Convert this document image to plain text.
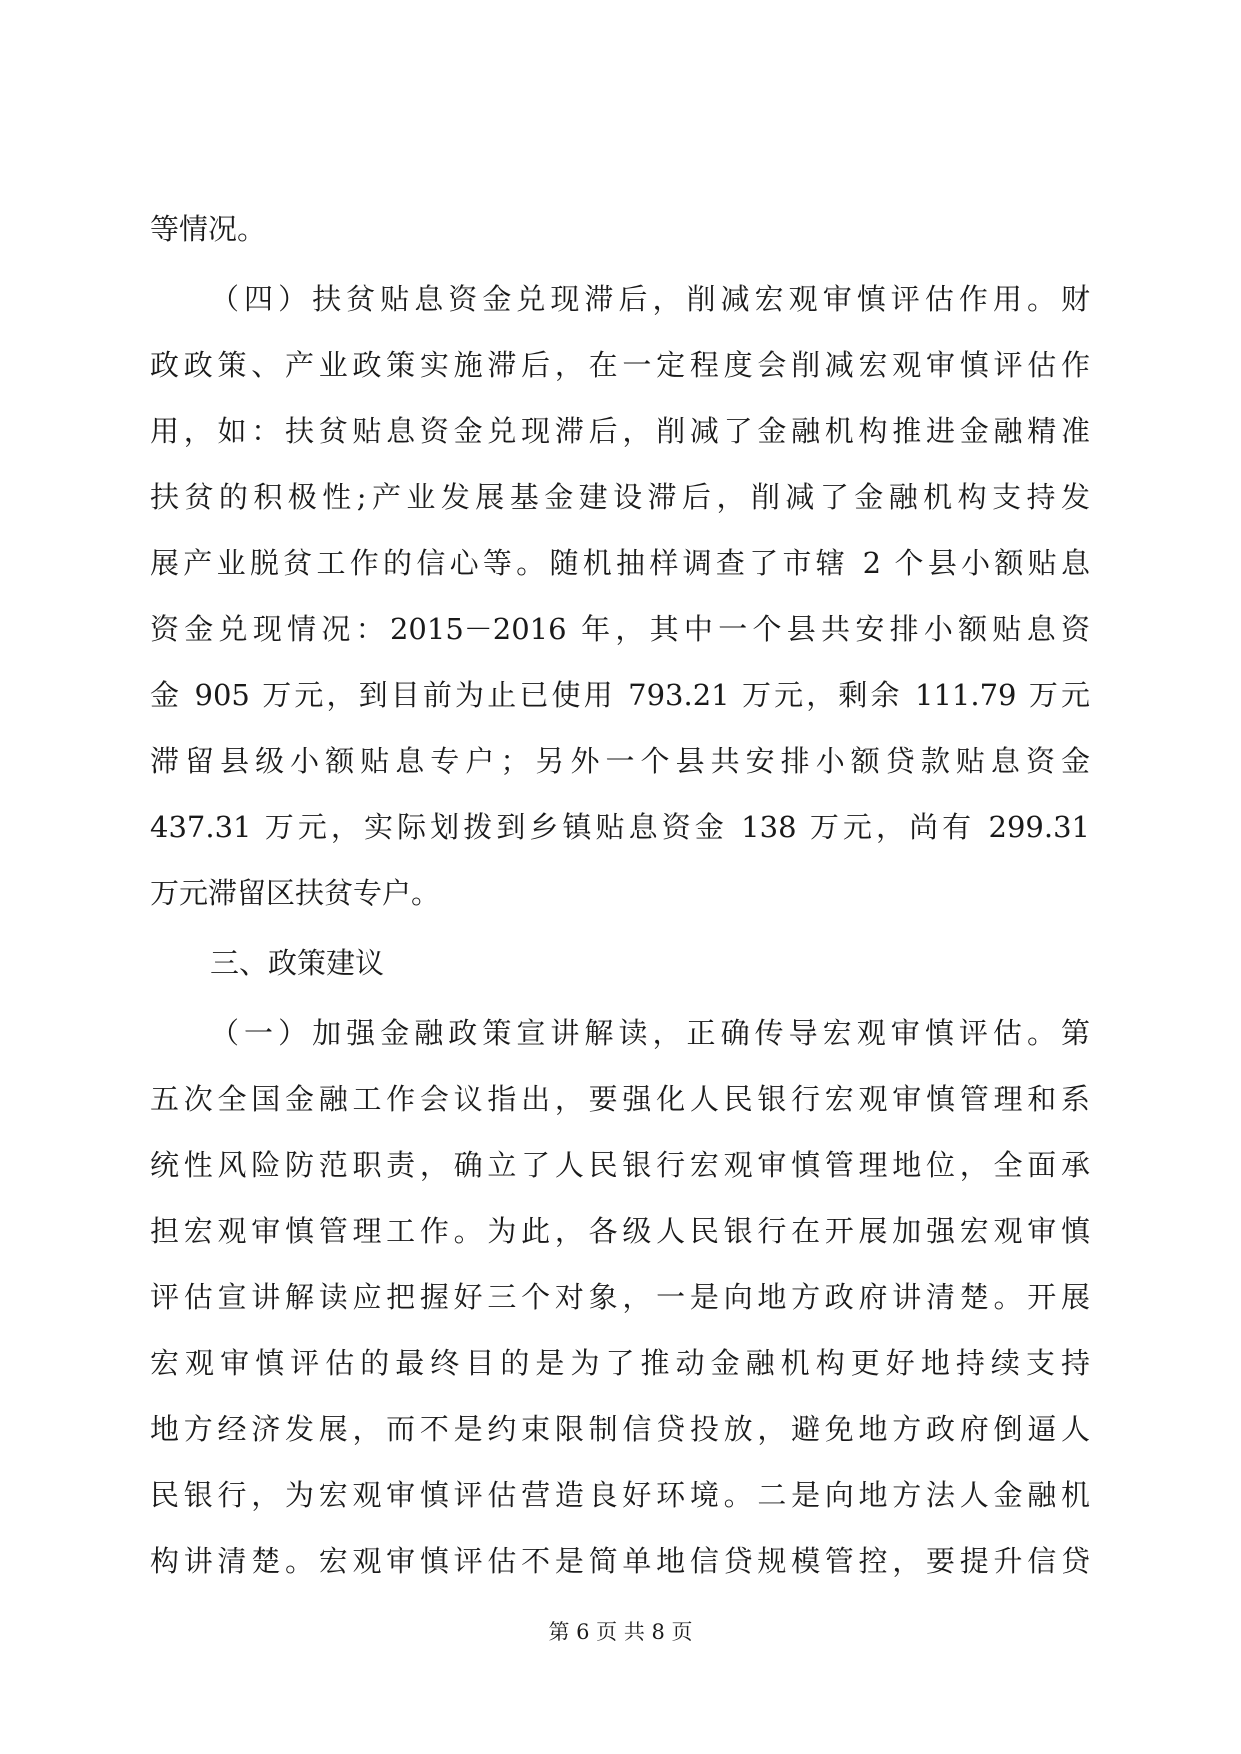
等情况。
（四）扶贫贴息资金兑现滞后，削减宏观审慎评估作用。财
政政策、产业政策实施滞后，在一定程度会削减宏观审慎评估作
用，如：扶贫贴息资金兑现滞后，削减了金融机构推进金融精准
扶贫的积极性;产业发展基金建设滞后，削减了金融机构支持发
展产业脱贫工作的信心等。随机抽样调查了市辖 2 个县小额贴息
资金兑现情况：2015－2016 年，其中一个县共安排小额贴息资
金 905 万元，到目前为止已使用 793.21 万元，剩余 111.79 万元
滞留县级小额贴息专户；另外一个县共安排小额贷款贴息资金
437.31 万元，实际划拨到乡镇贴息资金 138 万元，尚有 299.31
万元滞留区扶贫专户。
三、政策建议
（一）加强金融政策宣讲解读，正确传导宏观审慎评估。第
五次全国金融工作会议指出，要强化人民银行宏观审慎管理和系
统性风险防范职责，确立了人民银行宏观审慎管理地位，全面承
担宏观审慎管理工作。为此，各级人民银行在开展加强宏观审慎
评估宣讲解读应把握好三个对象，一是向地方政府讲清楚。开展
宏观审慎评估的最终目的是为了推动金融机构更好地持续支持
地方经济发展，而不是约束限制信贷投放，避免地方政府倒逼人
民银行，为宏观审慎评估营造良好环境。二是向地方法人金融机
构讲清楚。宏观审慎评估不是简单地信贷规模管控，要提升信贷
第 6 页 共 8 页
